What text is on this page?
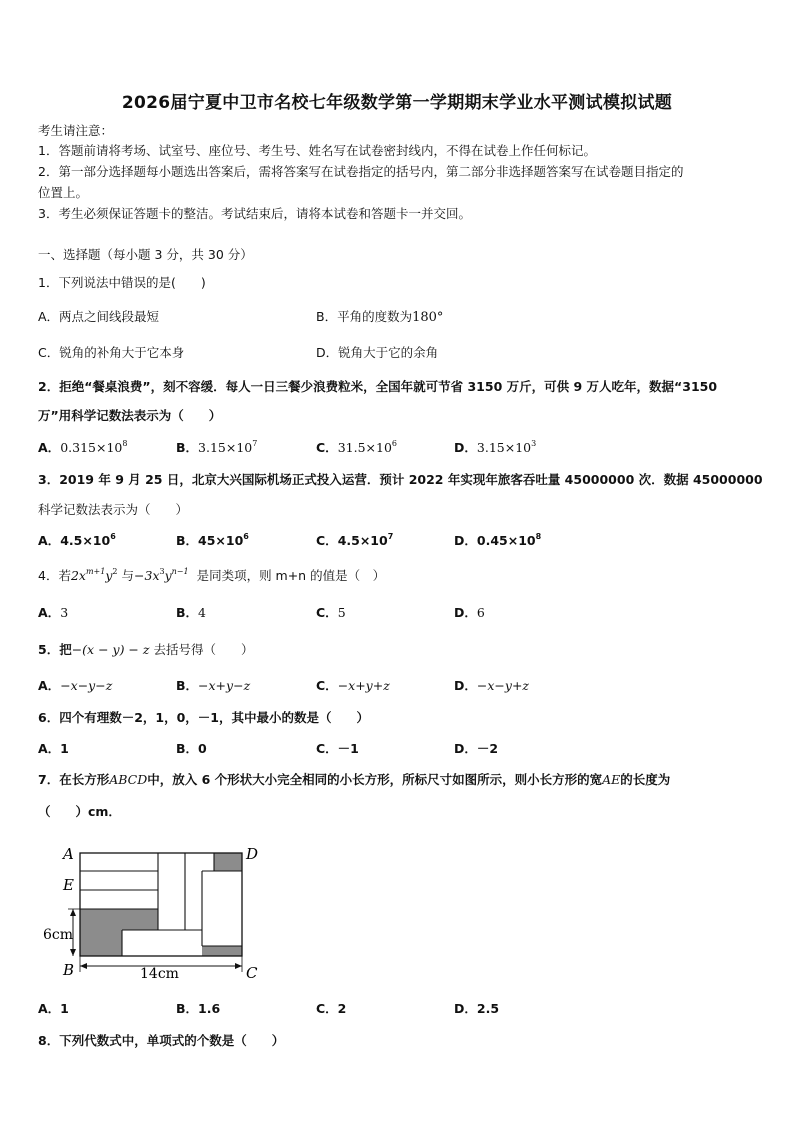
2026届宁夏中卫市名校七年级数学第一学期期末学业水平测试模拟试题
考生请注意：
1．答题前请将考场、试室号、座位号、考生号、姓名写在试卷密封线内，不得在试卷上作任何标记。
2．第一部分选择题每小题选出答案后，需将答案写在试卷指定的括号内，第二部分非选择题答案写在试卷题目指定的
位置上。
3．考生必须保证答题卡的整洁。考试结束后，请将本试卷和答题卡一并交回。
一、选择题（每小题 3 分，共 30 分）
1．下列说法中错误的是(　　)
A．两点之间线段最短	B．平角的度数为180°
C．锐角的补角大于它本身	D．锐角大于它的余角
2．拒绝“餐桌浪费”，刻不容缓．每人一日三餐少浪费粒米，全国年就可节省 3150 万斤，可供 9 万人吃年，数据“3150
万”用科学记数法表示为（　　）
A．$0.315\times 10^8$	B．$3.15\times 10^7$	C．$31.5\times 10^6$	D．$3.15\times 10^3$
3．2019 年 9 月 25 日，北京大兴国际机场正式投入运营．预计 2022 年实现年旅客吞吐量 45000000 次．数据 45000000
科学记数法表示为（　　）
A．$4.5\times 10^6$	B．$45\times 10^6$	C．$4.5\times 10^7$	D．$0.45\times 10^8$
4．若$2x^{m+1}y^2$ 与$-3x^3y^{n-1}$ 是同类项，则 m+n 的值是（　）
A．3	B．4	C．5	D．6
5．把−(x − y) − z 去括号得（　　）
A．−x−y−z	B．−x+y−z	C．−x+y+z	D．−x−y+z
6．四个有理数－2，1，0，－1，其中最小的数是（　　）
A．1	B．0	C．－1	D．－2
7．在长方形ABCD中，放入 6 个形状大小完全相同的小长方形，所标尺寸如图所示，则小长方形的宽AE的长度为
（　　）cm．
A	D
E
B	C
14cm
6cm
A．1	B．1.6	C．2	D．2.5
8．下列代数式中，单项式的个数是（　　）
